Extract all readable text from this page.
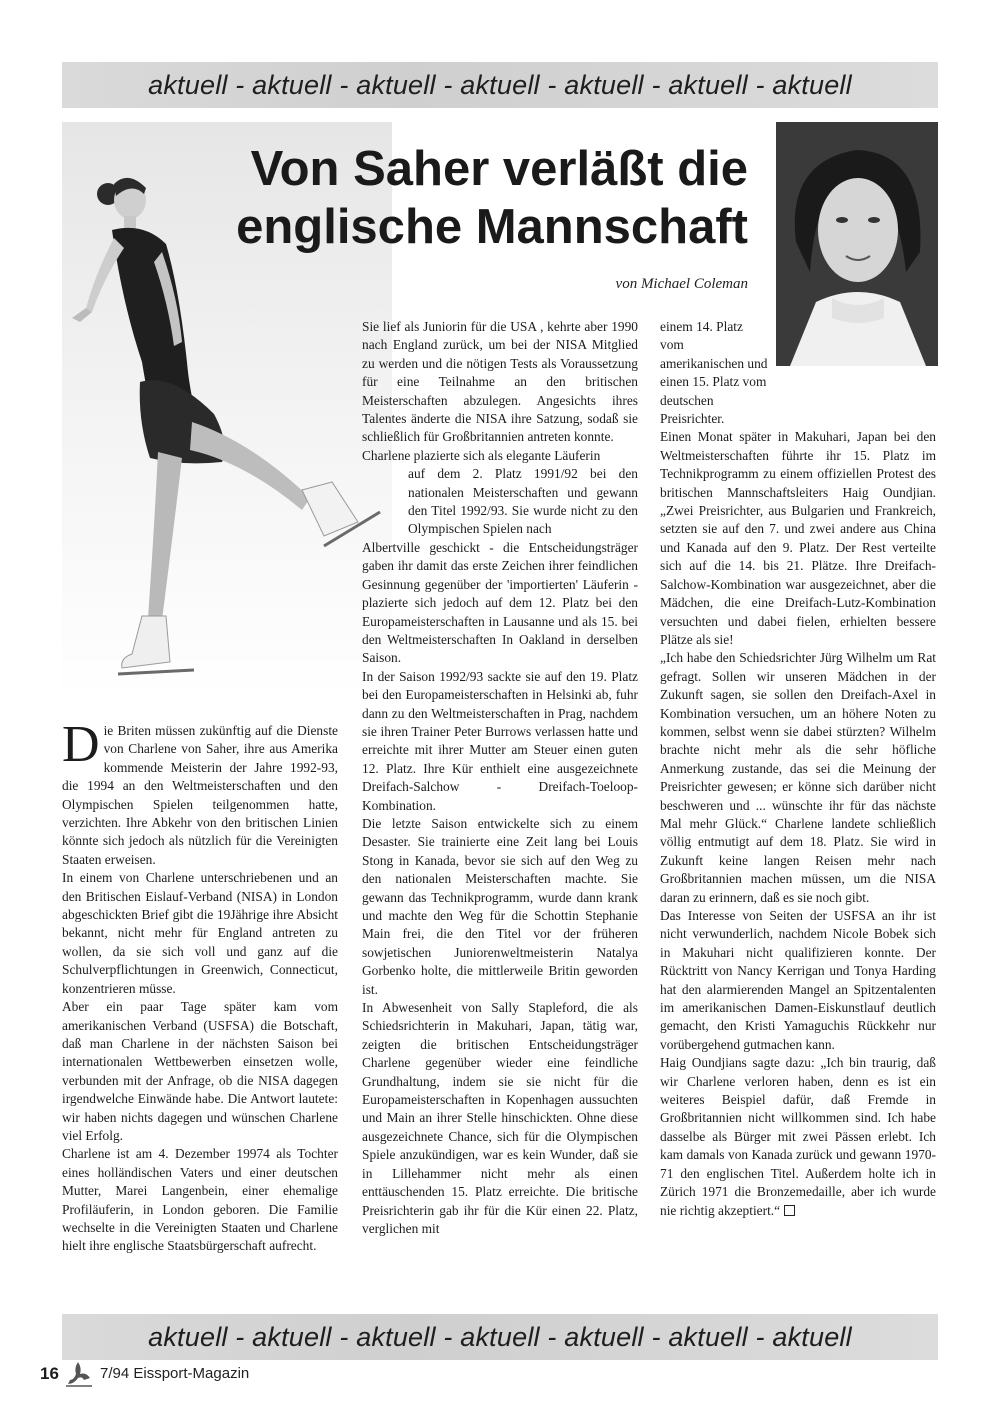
aktuell - aktuell - aktuell - aktuell - aktuell - aktuell - aktuell
Von Saher verläßt die
englische Mannschaft
von Michael Coleman

Die Briten müssen zukünftig auf die Dienste von Charlene von Saher, ihre aus Amerika kommende Meisterin der Jahre 1992-93, die 1994 an den Weltmeisterschaften und den Olympischen Spielen teilgenommen hatte, verzichten. Ihre Abkehr von den britischen Linien könnte sich jedoch als nützlich für die Vereinigten Staaten erweisen.

In einem von Charlene unterschriebenen und an den Britischen Eislauf-Verband (NISA) in London abgeschickten Brief gibt die 19Jährige ihre Absicht bekannt, nicht mehr für England antreten zu wollen, da sie sich voll und ganz auf die Schulverpflichtungen in Greenwich, Connecticut, konzentrieren müsse.

Aber ein paar Tage später kam vom amerikanischen Verband (USFSA) die Botschaft, daß man Charlene in der nächsten Saison bei internationalen Wettbewerben einsetzen wolle, verbunden mit der Anfrage, ob die NISA dagegen irgendwelche Einwände habe. Die Antwort lautete: wir haben nichts dagegen und wünschen Charlene viel Erfolg.

Charlene ist am 4. Dezember 19974 als Tochter eines holländischen Vaters und einer deutschen Mutter, Marei Langenbein, einer ehemalige Profiläuferin, in London geboren. Die Familie wechselte in die Vereinigten Staaten und Charlene hielt ihre englische Staatsbürgerschaft aufrecht.

Sie lief als Juniorin für die USA , kehrte aber 1990 nach England zurück, um bei der NISA Mitglied zu werden und die nötigen Tests als Voraussetzung für eine Teilnahme an den britischen Meisterschaften abzulegen. Angesichts ihres Talentes änderte die NISA ihre Satzung, sodaß sie schließlich für Großbritannien antreten konnte.

Charlene plazierte sich als elegante Läuferin

auf dem 2. Platz 1991/92 bei den nationalen Meisterschaften und gewann den Titel 1992/93. Sie wurde nicht zu den Olympischen Spielen nach

Albertville geschickt - die Entscheidungsträger gaben ihr damit das erste Zeichen ihrer feindlichen Gesinnung gegenüber der 'importierten' Läuferin - plazierte sich jedoch auf dem 12. Platz bei den Europameisterschaften in Lausanne und als 15. bei den Weltmeisterschaften In Oakland in derselben Saison.

In der Saison 1992/93 sackte sie auf den 19. Platz bei den Europameisterschaften in Helsinki ab, fuhr dann zu den Weltmeisterschaften in Prag, nachdem sie ihren Trainer Peter Burrows verlassen hatte und erreichte mit ihrer Mutter am Steuer einen guten 12. Platz. Ihre Kür enthielt eine ausgezeichnete Dreifach-Salchow - Dreifach-Toeloop-Kombination.

Die letzte Saison entwickelte sich zu einem Desaster. Sie trainierte eine Zeit lang bei Louis Stong in Kanada, bevor sie sich auf den Weg zu den nationalen Meisterschaften machte. Sie gewann das Technikprogramm, wurde dann krank und machte den Weg für die Schottin Stephanie Main frei, die den Titel vor der früheren sowjetischen Juniorenweltmeisterin Natalya Gorbenko holte, die mittlerweile Britin geworden ist.

In Abwesenheit von Sally Stapleford, die als Schiedsrichterin in Makuhari, Japan, tätig war, zeigten die britischen Entscheidungsträger Charlene gegenüber wieder eine feindliche Grundhaltung, indem sie sie nicht für die Europameisterschaften in Kopenhagen aussuchten und Main an ihrer Stelle hinschickten. Ohne diese ausgezeichnete Chance, sich für die Olympischen Spiele anzukündigen, war es kein Wunder, daß sie in Lillehammer nicht mehr als einen enttäuschenden 15. Platz erreichte. Die britische Preisrichterin gab ihr für die Kür einen 22. Platz, verglichen mit

einem 14. Platz vom amerikanischen und einen 15. Platz vom deutschen Preisrichter.

Einen Monat später in Makuhari, Japan bei den Weltmeisterschaften führte ihr 15. Platz im Technikprogramm zu einem offiziellen Protest des britischen Mannschaftsleiters Haig Oundjian. „Zwei Preisrichter, aus Bulgarien und Frankreich, setzten sie auf den 7. und zwei andere aus China und Kanada auf den 9. Platz. Der Rest verteilte sich auf die 14. bis 21. Plätze. Ihre Dreifach-Salchow-Kombination war ausgezeichnet, aber die Mädchen, die eine Dreifach-Lutz-Kombination versuchten und dabei fielen, erhielten bessere Plätze als sie!

„Ich habe den Schiedsrichter Jürg Wilhelm um Rat gefragt. Sollen wir unseren Mädchen in der Zukunft sagen, sie sollen den Dreifach-Axel in Kombination versuchen, um an höhere Noten zu kommen, selbst wenn sie dabei stürzten? Wilhelm brachte nicht mehr als die sehr höfliche Anmerkung zustande, das sei die Meinung der Preisrichter gewesen; er könne sich darüber nicht beschweren und ... wünschte ihr für das nächste Mal mehr Glück.“ Charlene landete schließlich völlig entmutigt auf dem 18. Platz. Sie wird in Zukunft keine langen Reisen mehr nach Großbritannien machen müssen, um die NISA daran zu erinnern, daß es sie noch gibt.

Das Interesse von Seiten der USFSA an ihr ist nicht verwunderlich, nachdem Nicole Bobek sich in Makuhari nicht qualifizieren konnte. Der Rücktritt von Nancy Kerrigan und Tonya Harding hat den alarmierenden Mangel an Spitzentalenten im amerikanischen Damen-Eiskunstlauf deutlich gemacht, den Kristi Yamaguchis Rückkehr nur vorübergehend gutmachen kann.

Haig Oundjians sagte dazu: „Ich bin traurig, daß wir Charlene verloren haben, denn es ist ein weiteres Beispiel dafür, daß Fremde in Großbritannien nicht willkommen sind. Ich habe dasselbe als Bürger mit zwei Pässen erlebt. Ich kam damals von Kanada zurück und gewann 1970-71 den englischen Titel. Außerdem holte ich in Zürich 1971 die Bronzemedaille, aber ich wurde nie richtig akzeptiert.“

aktuell - aktuell - aktuell - aktuell - aktuell - aktuell - aktuell
16	7/94 Eissport-Magazin
